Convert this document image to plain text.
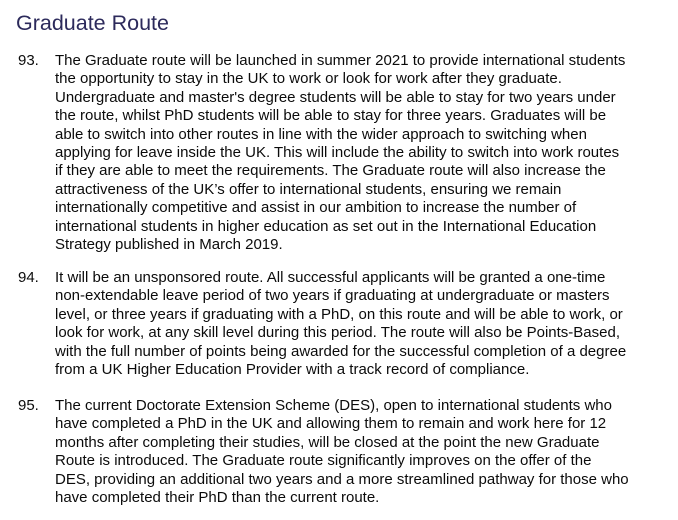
Graduate Route
93. The Graduate route will be launched in summer 2021 to provide international students
the opportunity to stay in the UK to work or look for work after they graduate.
Undergraduate and master's degree students will be able to stay for two years under
the route, whilst PhD students will be able to stay for three years. Graduates will be
able to switch into other routes in line with the wider approach to switching when
applying for leave inside the UK. This will include the ability to switch into work routes
if they are able to meet the requirements. The Graduate route will also increase the
attractiveness of the UK’s offer to international students, ensuring we remain
internationally competitive and assist in our ambition to increase the number of
international students in higher education as set out in the International Education
Strategy published in March 2019.
94. It will be an unsponsored route. All successful applicants will be granted a one-time
non-extendable leave period of two years if graduating at undergraduate or masters
level, or three years if graduating with a PhD, on this route and will be able to work, or
look for work, at any skill level during this period. The route will also be Points-Based,
with the full number of points being awarded for the successful completion of a degree
from a UK Higher Education Provider with a track record of compliance.
95. The current Doctorate Extension Scheme (DES), open to international students who
have completed a PhD in the UK and allowing them to remain and work here for 12
months after completing their studies, will be closed at the point the new Graduate
Route is introduced. The Graduate route significantly improves on the offer of the
DES, providing an additional two years and a more streamlined pathway for those who
have completed their PhD than the current route.
